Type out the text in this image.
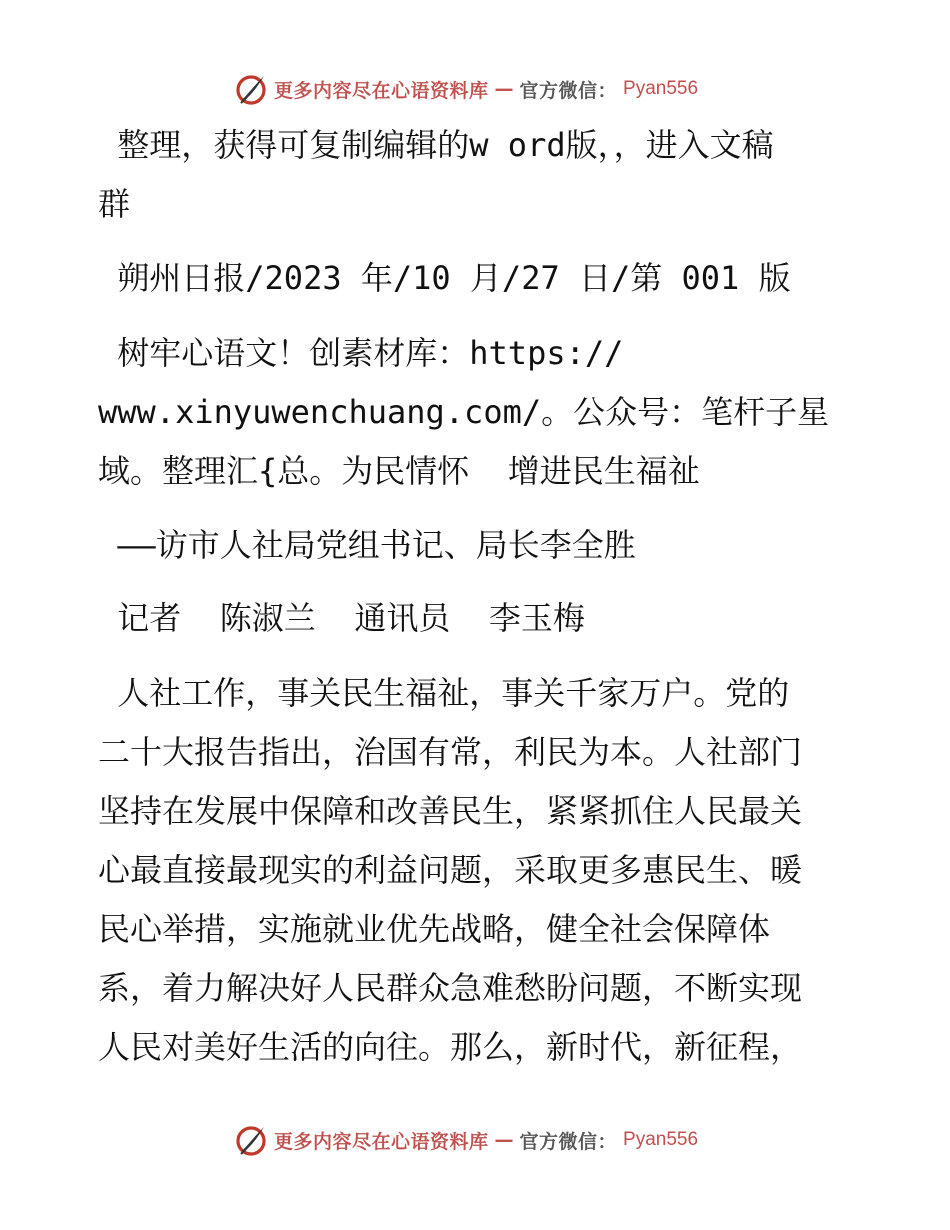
更多内容尽在心语资料库 — 官方微信： Pyan556
整理，获得可复制编辑的w ord版，，进入文稿
群
朔州日报/2023 年/10 月/27 日/第 001 版
树牢心语文！创素材库：https://
www.xinyuwenchuang.com/。公众号：笔杆子星
域。整理汇{总。为民情怀  增进民生福祉
——访市人社局党组书记、局长李全胜
记者  陈淑兰  通讯员  李玉梅
人社工作，事关民生福祉，事关千家万户。党的
二十大报告指出，治国有常，利民为本。人社部门
坚持在发展中保障和改善民生，紧紧抓住人民最关
心最直接最现实的利益问题，采取更多惠民生、暖
民心举措，实施就业优先战略，健全社会保障体
系，着力解决好人民群众急难愁盼问题，不断实现
人民对美好生活的向往。那么，新时代，新征程，
更多内容尽在心语资料库 — 官方微信： Pyan556
